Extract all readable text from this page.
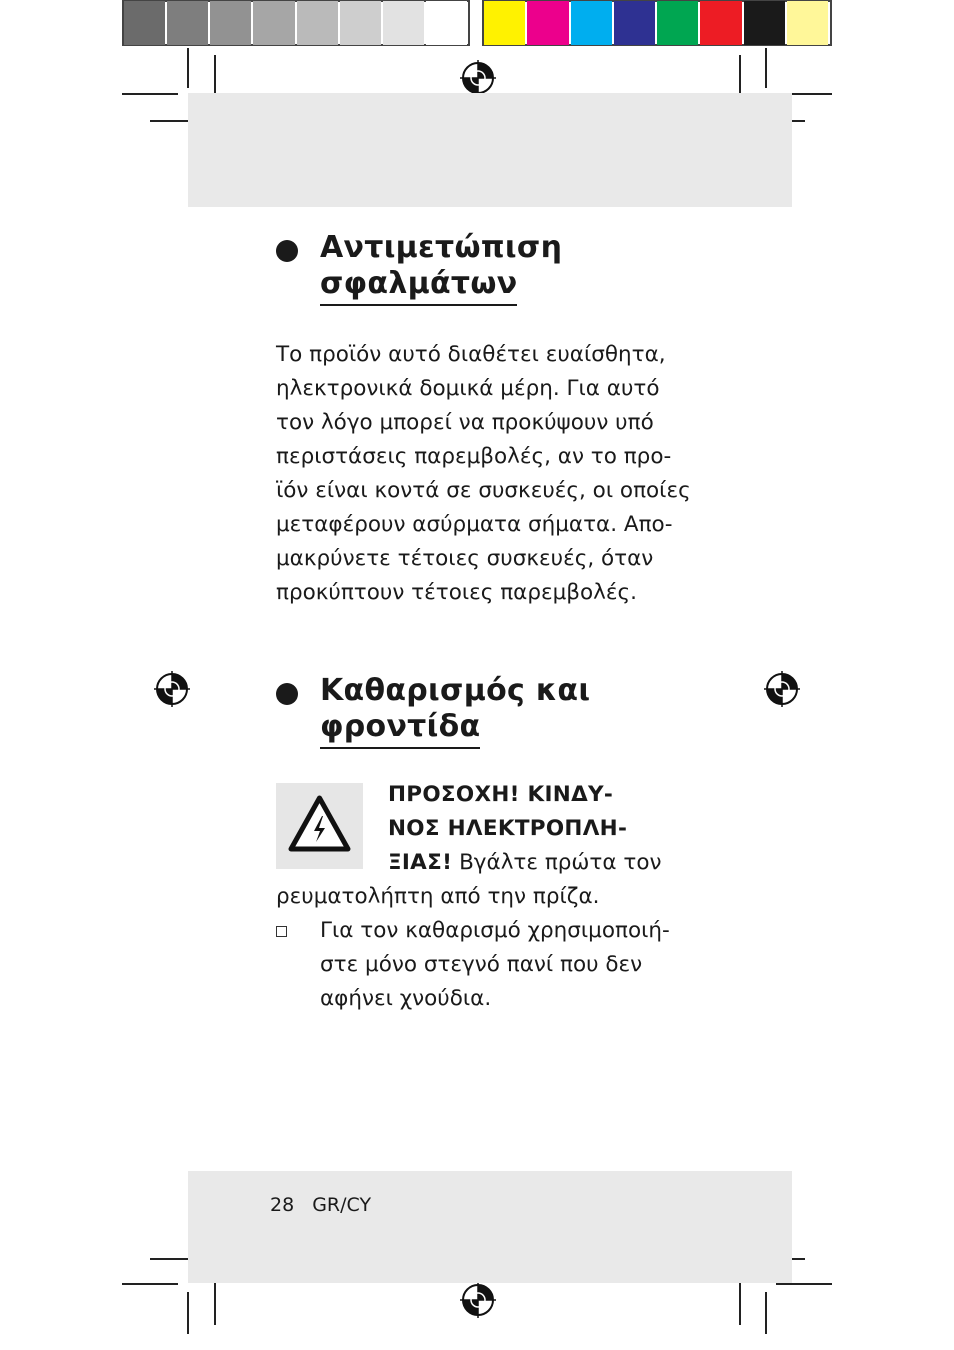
Αντιμετώπιση
σφαλμάτων
Το προϊόν αυτό διαθέτει ευαίσθητα,
ηλεκτρονικά δομικά μέρη. Για αυτό
τον λόγο μπορεί να προκύψουν υπό
περιστάσεις παρεμβολές, αν το προ-
ϊόν είναι κοντά σε συσκευές, οι οποίες
μεταφέρουν ασύρματα σήματα. Απο-
μακρύνετε τέτοιες συσκευές, όταν
προκύπτουν τέτοιες παρεμβολές.
Καθαρισμός και
φροντίδα
ΠΡΟΣΟΧΗ! ΚΙΝΔΥ-
ΝΟΣ ΗΛΕΚΤΡΟΠΛΗ-
ΞΙΑΣ! Βγάλτε πρώτα τον
ρευματολήπτη από την πρίζα.
Για τον καθαρισμό χρησιμοποιή-
στε μόνο στεγνό πανί που δεν
αφήνει χνούδια.
28 GR/CY
